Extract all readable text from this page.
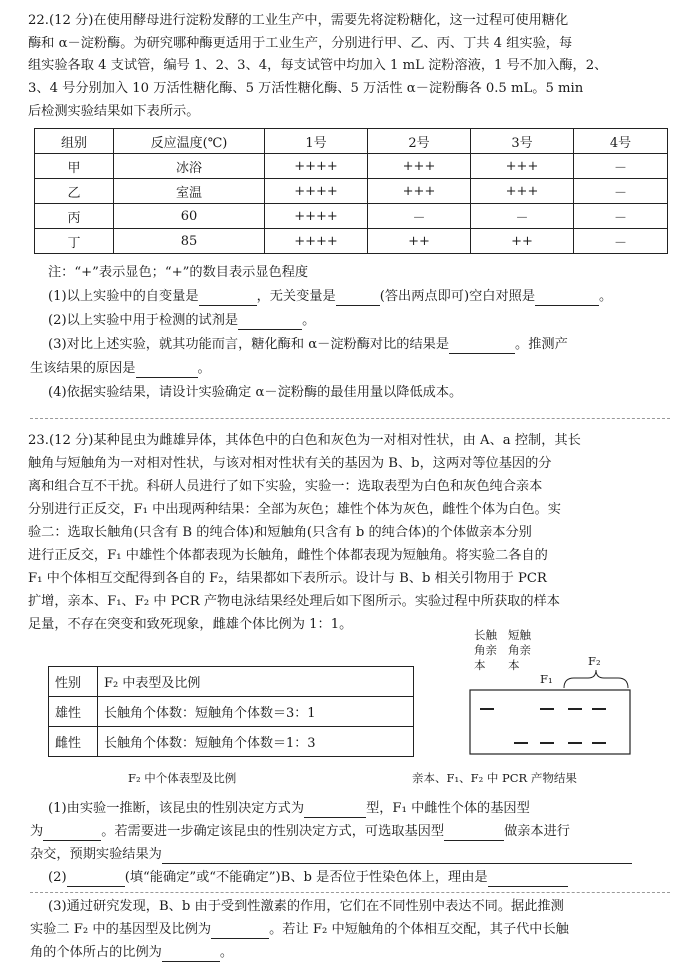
22.(12 分)在使用酵母进行淀粉发酵的工业生产中，需要先将淀粉糖化，这一过程可使用糖化
酶和 α－淀粉酶。为研究哪种酶更适用于工业生产，分别进行甲、乙、丙、丁共 4 组实验，每
组实验各取 4 支试管，编号 1、2、3、4，每支试管中均加入 1 mL 淀粉溶液，1 号不加入酶，2、
3、4 号分别加入 10 万活性糖化酶、5 万活性糖化酶、5 万活性 α－淀粉酶各 0.5 mL。5 min
后检测实验结果如下表所示。
组别	反应温度(℃)	1号	2号	3号	4号
甲	冰浴	++++	+++	+++	－
乙	室温	++++	+++	+++	－
丙	60	++++	－	－	－
丁	85	++++	++	++	－
注：“+”表示显色；“+”的数目表示显色程度
(1)以上实验中的自变量是	，无关变量是	(答出两点即可)空白对照是	。
(2)以上实验中用于检测的试剂是	。
(3)对比上述实验，就其功能而言，糖化酶和 α－淀粉酶对比的结果是	。推测产
生该结果的原因是	。
(4)依据实验结果，请设计实验确定 α－淀粉酶的最佳用量以降低成本。
23.(12 分)某种昆虫为雌雄异体，其体色中的白色和灰色为一对相对性状，由 A、a 控制，其长
触角与短触角为一对相对性状，与该对相对性状有关的基因为 B、b，这两对等位基因的分
离和组合互不干扰。科研人员进行了如下实验，实验一：选取表型为白色和灰色纯合亲本
分别进行正反交，F₁ 中出现两种结果：全部为灰色；雄性个体为灰色，雌性个体为白色。实
验二：选取长触角(只含有 B 的纯合体)和短触角(只含有 b 的纯合体)的个体做亲本分别
进行正反交，F₁ 中雄性个体都表现为长触角，雌性个体都表现为短触角。将实验二各自的
F₁ 中个体相互交配得到各自的 F₂，结果都如下表所示。设计与 B、b 相关引物用于 PCR
扩增，亲本、F₁、F₂ 中 PCR 产物电泳结果经处理后如下图所示。实验过程中所获取的样本
足量，不存在突变和致死现象，雌雄个体比例为 1：1。
性别	F₂ 中表型及比例
雄性	长触角个体数：短触角个体数＝3：1
雌性	长触角个体数：短触角个体数＝1：3
F₂ 中个体表型及比例
长触
角亲
本
短触
角亲
本
F₁
F₂
亲本、F₁、F₂ 中 PCR 产物结果
(1)由实验一推断，该昆虫的性别决定方式为	型，F₁ 中雌性个体的基因型
为	。若需要进一步确定该昆虫的性别决定方式，可选取基因型	做亲本进行
杂交，预期实验结果为
(2)	(填“能确定”或“不能确定”)B、b 是否位于性染色体上，理由是
(3)通过研究发现，B、b 由于受到性激素的作用，它们在不同性别中表达不同。据此推测
实验二 F₂ 中的基因型及比例为	。若让 F₂ 中短触角的个体相互交配，其子代中长触
角的个体所占的比例为	。
